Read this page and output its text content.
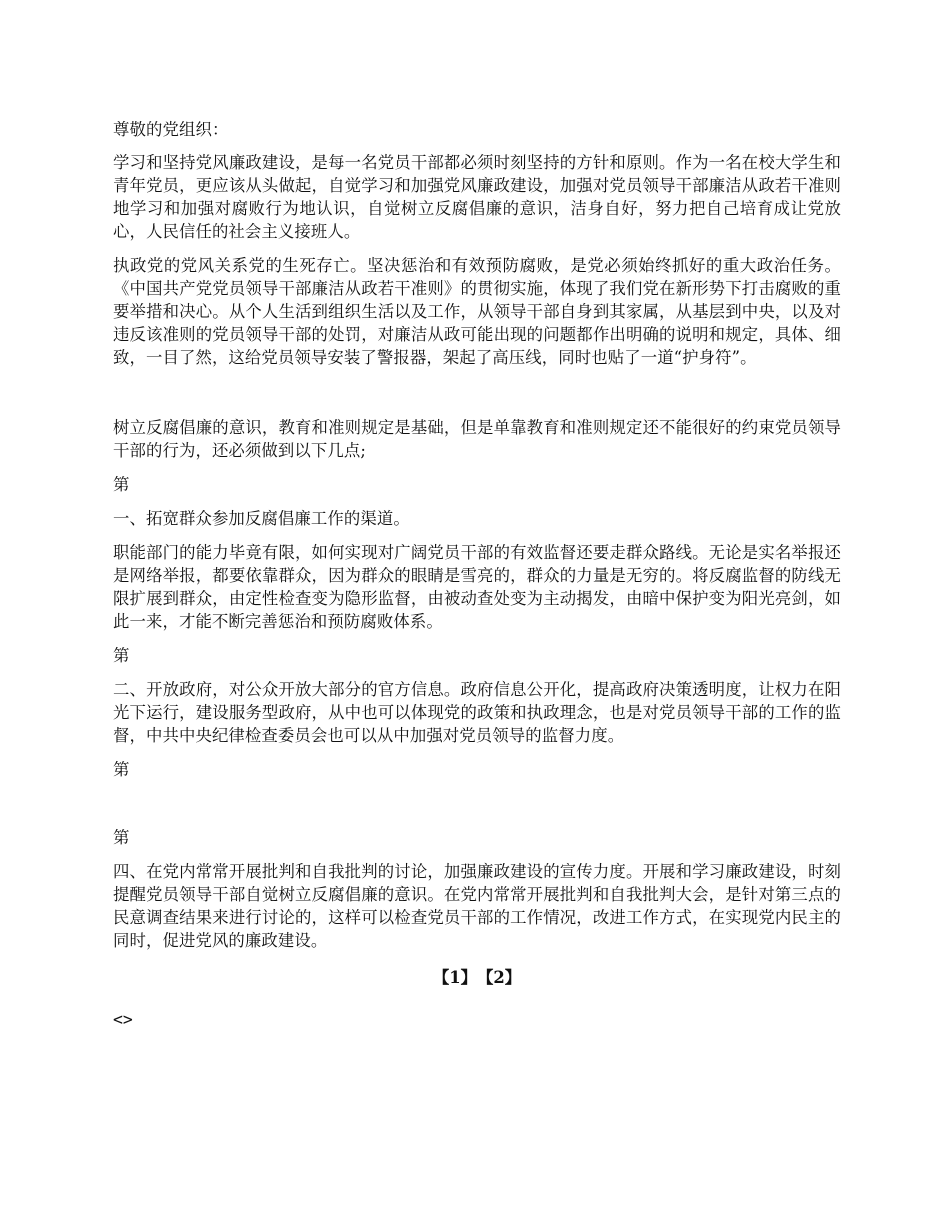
尊敬的党组织：

学习和坚持党风廉政建设，是每一名党员干部都必须时刻坚持的方针和原则。作为一名在校大学生和青年党员，更应该从头做起，自觉学习和加强党风廉政建设，加强对党员领导干部廉洁从政若干准则地学习和加强对腐败行为地认识，自觉树立反腐倡廉的意识，洁身自好，努力把自己培育成让党放心，人民信任的社会主义接班人。

执政党的党风关系党的生死存亡。坚决惩治和有效预防腐败，是党必须始终抓好的重大政治任务。《中国共产党党员领导干部廉洁从政若干准则》的贯彻实施，体现了我们党在新形势下打击腐败的重要举措和决心。从个人生活到组织生活以及工作，从领导干部自身到其家属，从基层到中央，以及对违反该准则的党员领导干部的处罚，对廉洁从政可能出现的问题都作出明确的说明和规定，具体、细致，一目了然，这给党员领导安装了警报器，架起了高压线，同时也贴了一道“护身符”。

树立反腐倡廉的意识，教育和准则规定是基础，但是单靠教育和准则规定还不能很好的约束党员领导干部的行为，还必须做到以下几点;

第

一、拓宽群众参加反腐倡廉工作的渠道。

职能部门的能力毕竟有限，如何实现对广阔党员干部的有效监督还要走群众路线。无论是实名举报还是网络举报，都要依靠群众，因为群众的眼睛是雪亮的，群众的力量是无穷的。将反腐监督的防线无限扩展到群众，由定性检查变为隐形监督，由被动查处变为主动揭发，由暗中保护变为阳光亮剑，如此一来，才能不断完善惩治和预防腐败体系。

第

二、开放政府，对公众开放大部分的官方信息。政府信息公开化，提高政府决策透明度，让权力在阳光下运行，建设服务型政府，从中也可以体现党的政策和执政理念，也是对党员领导干部的工作的监督，中共中央纪律检查委员会也可以从中加强对党员领导的监督力度。

第

第

四、在党内常常开展批判和自我批判的讨论，加强廉政建设的宣传力度。开展和学习廉政建设，时刻提醒党员领导干部自觉树立反腐倡廉的意识。在党内常常开展批判和自我批判大会，是针对第三点的民意调查结果来进行讨论的，这样可以检查党员干部的工作情况，改进工作方式，在实现党内民主的同时，促进党风的廉政建设。

【1】【2】
<>
